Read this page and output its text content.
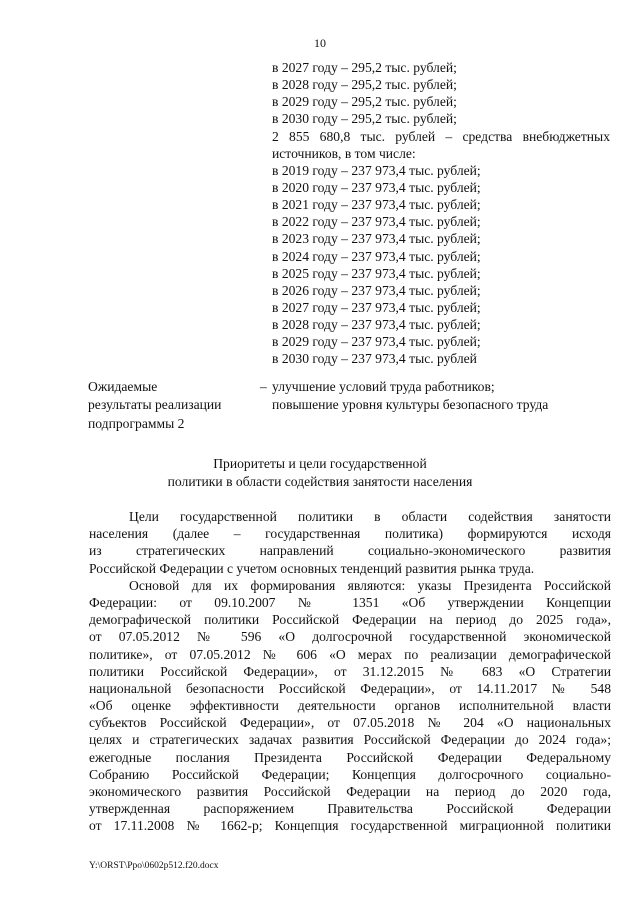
10
в 2027 году – 295,2 тыс. рублей;
в 2028 году – 295,2 тыс. рублей;
в 2029 году – 295,2 тыс. рублей;
в 2030 году – 295,2 тыс. рублей;
2 855 680,8 тыс. рублей – средства внебюджетных
источников, в том числе:
в 2019 году – 237 973,4 тыс. рублей;
в 2020 году – 237 973,4 тыс. рублей;
в 2021 году – 237 973,4 тыс. рублей;
в 2022 году – 237 973,4 тыс. рублей;
в 2023 году – 237 973,4 тыс. рублей;
в 2024 году – 237 973,4 тыс. рублей;
в 2025 году – 237 973,4 тыс. рублей;
в 2026 году – 237 973,4 тыс. рублей;
в 2027 году – 237 973,4 тыс. рублей;
в 2028 году – 237 973,4 тыс. рублей;
в 2029 году – 237 973,4 тыс. рублей;
в 2030 году – 237 973,4 тыс. рублей
Ожидаемые
результаты реализации
подпрограммы 2
– улучшение условий труда работников;
повышение уровня культуры безопасного труда
Приоритеты и цели государственной
политики в области содействия занятости населения
Цели государственной политики в области содействия занятости
населения (далее – государственная политика) формируются исходя
из стратегических направлений социально-экономического развития
Российской Федерации с учетом основных тенденций развития рынка труда.
Основой для их формирования являются: указы Президента Российской
Федерации: от 09.10.2007 № 1351 «Об утверждении Концепции
демографической политики Российской Федерации на период до 2025 года»,
от 07.05.2012 № 596 «О долгосрочной государственной экономической
политике», от 07.05.2012 № 606 «О мерах по реализации демографической
политики Российской Федерации», от 31.12.2015 № 683 «О Стратегии
национальной безопасности Российской Федерации», от 14.11.2017 № 548
«Об оценке эффективности деятельности органов исполнительной власти
субъектов Российской Федерации», от 07.05.2018 № 204 «О национальных
целях и стратегических задачах развития Российской Федерации до 2024 года»;
ежегодные послания Президента Российской Федерации Федеральному
Собранию Российской Федерации; Концепция долгосрочного социально-
экономического развития Российской Федерации на период до 2020 года,
утвержденная распоряжением Правительства Российской Федерации
от 17.11.2008 № 1662-р; Концепция государственной миграционной политики
Y:\ORST\Ppo\0602p512.f20.docx
